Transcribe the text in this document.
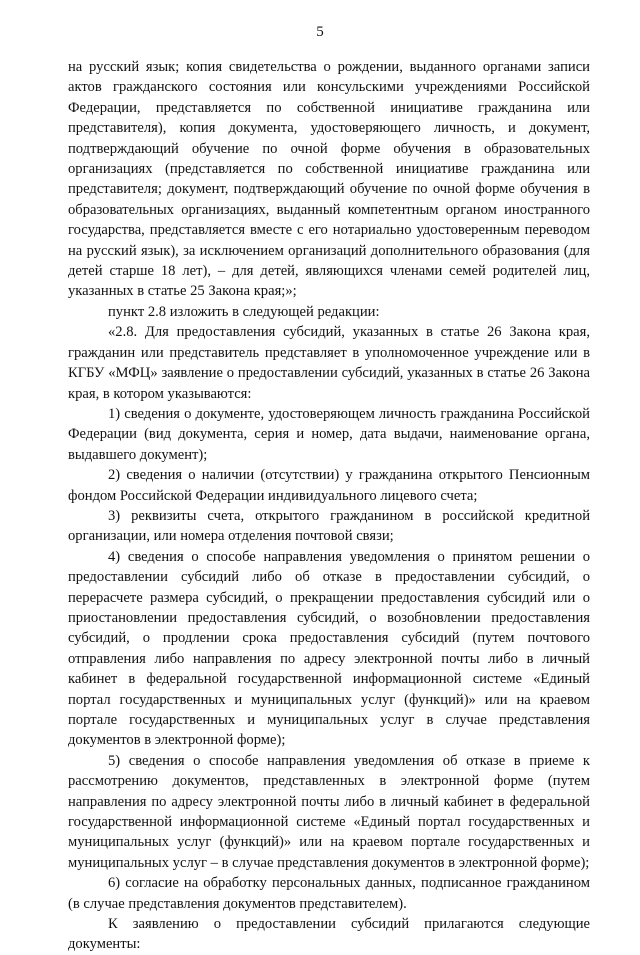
5

на русский язык; копия свидетельства о рождении, выданного органами записи актов гражданского состояния или консульскими учреждениями Российской Федерации, представляется по собственной инициативе гражданина или представителя), копия документа, удостоверяющего личность, и документ, подтверждающий обучение по очной форме обучения в образовательных организациях (представляется по собственной инициативе гражданина или представителя; документ, подтверждающий обучение по очной форме обучения в образовательных организациях, выданный компетентным органом иностранного государства, представляется вместе с его нотариально удостоверенным переводом на русский язык), за исключением организаций дополнительного образования (для детей старше 18 лет), – для детей, являющихся членами семей родителей лиц, указанных в статье 25 Закона края;»;

пункт 2.8 изложить в следующей редакции:

«2.8. Для предоставления субсидий, указанных в статье 26 Закона края, гражданин или представитель представляет в уполномоченное учреждение или в КГБУ «МФЦ» заявление о предоставлении субсидий, указанных в статье 26 Закона края, в котором указываются:

1) сведения о документе, удостоверяющем личность гражданина Российской Федерации (вид документа, серия и номер, дата выдачи, наименование органа, выдавшего документ);

2) сведения о наличии (отсутствии) у гражданина открытого Пенсионным фондом Российской Федерации индивидуального лицевого счета;

3) реквизиты счета, открытого гражданином в российской кредитной организации, или номера отделения почтовой связи;

4) сведения о способе направления уведомления о принятом решении о предоставлении субсидий либо об отказе в предоставлении субсидий, о перерасчете размера субсидий, о прекращении предоставления субсидий или о приостановлении предоставления субсидий, о возобновлении предоставления субсидий, о продлении срока предоставления субсидий (путем почтового отправления либо направления по адресу электронной почты либо в личный кабинет в федеральной государственной информационной системе «Единый портал государственных и муниципальных услуг (функций)» или на краевом портале государственных и муниципальных услуг в случае представления документов в электронной форме);

5) сведения о способе направления уведомления об отказе в приеме к рассмотрению документов, представленных в электронной форме (путем направления по адресу электронной почты либо в личный кабинет в федеральной государственной информационной системе «Единый портал государственных и муниципальных услуг (функций)» или на краевом портале государственных и муниципальных услуг – в случае представления документов в электронной форме);

6) согласие на обработку персональных данных, подписанное гражданином (в случае представления документов представителем).

К заявлению о предоставлении субсидий прилагаются следующие документы:
